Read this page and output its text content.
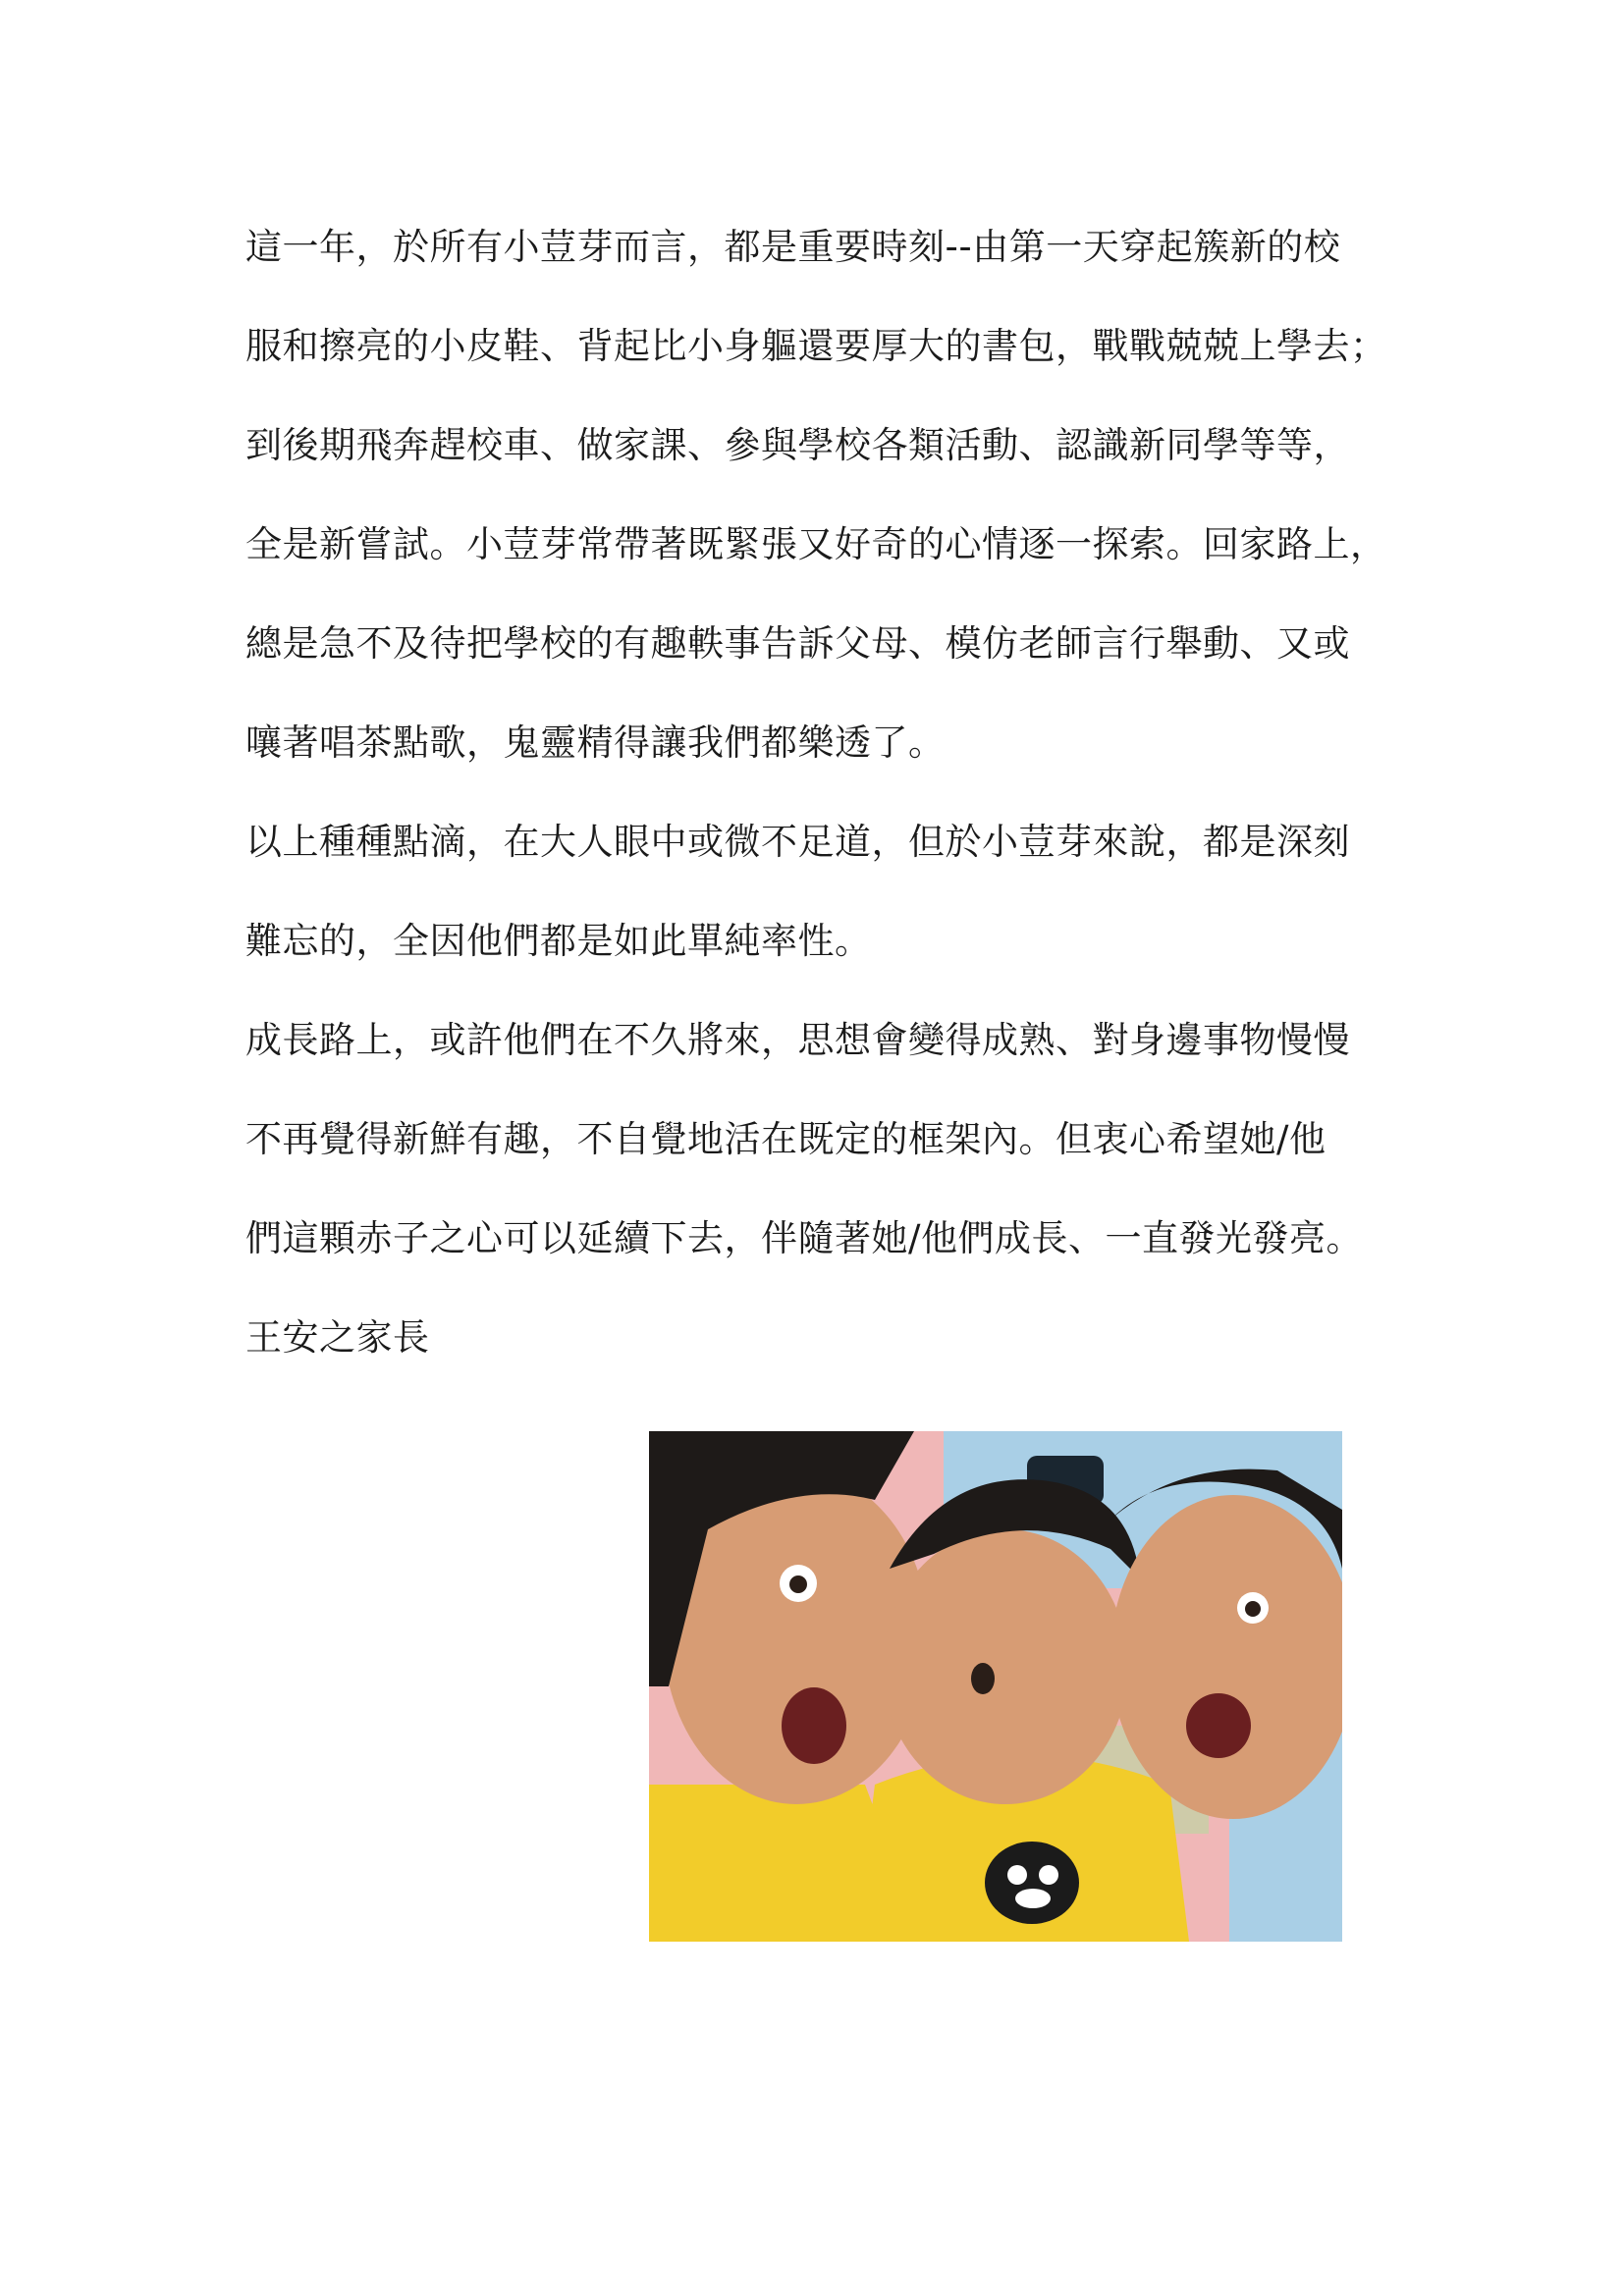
這一年，於所有小荳芽而言，都是重要時刻--由第一天穿起簇新的校
服和擦亮的小皮鞋、背起比小身軀還要厚大的書包，戰戰兢兢上學去；
到後期飛奔趕校車、做家課、參與學校各類活動、認識新同學等等，
全是新嘗試。小荳芽常帶著既緊張又好奇的心情逐一探索。回家路上，
總是急不及待把學校的有趣軼事告訴父母、模仿老師言行舉動、又或
嚷著唱茶點歌，鬼靈精得讓我們都樂透了。
以上種種點滴，在大人眼中或微不足道，但於小荳芽來說，都是深刻
難忘的，全因他們都是如此單純率性。
成長路上，或許他們在不久將來，思想會變得成熟、對身邊事物慢慢
不再覺得新鮮有趣，不自覺地活在既定的框架內。但衷心希望她/他
們這顆赤子之心可以延續下去，伴隨著她/他們成長、一直發光發亮。
王安之家長
